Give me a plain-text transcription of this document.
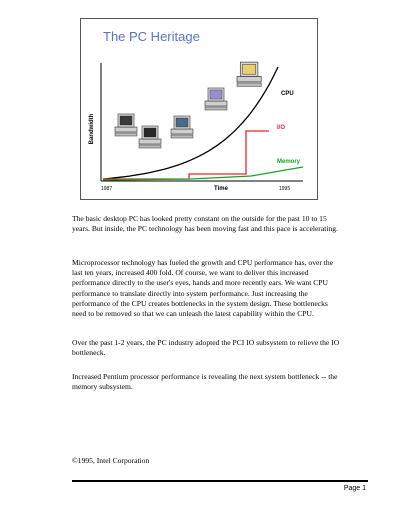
The PC Heritage
Bandwidth
Time
1987	1995
CPU
I/O
Memory

The basic desktop PC has looked pretty constant on the outside for the past 10 to 15 years. But inside, the PC technology has been moving fast and this pace is accelerating.

Microprocessor technology has fueled the growth and CPU performance has, over the last ten years, increased 400 fold. Of course, we want to deliver this increased performance directly to the user's eyes, hands and more recently ears. We want CPU performance to translate directly into system performance. Just increasing the performance of the CPU creates bottlenecks in the system design. These bottlenecks need to be removed so that we can unleash the latest capability within the CPU.

Over the past 1-2 years, the PC industry adopted the PCI IO subsystem to relieve the IO bottleneck.

Increased Pentium processor performance is revealing the next system bottleneck -- the memory subsystem.

©1995, Intel Corporation

Page 1
